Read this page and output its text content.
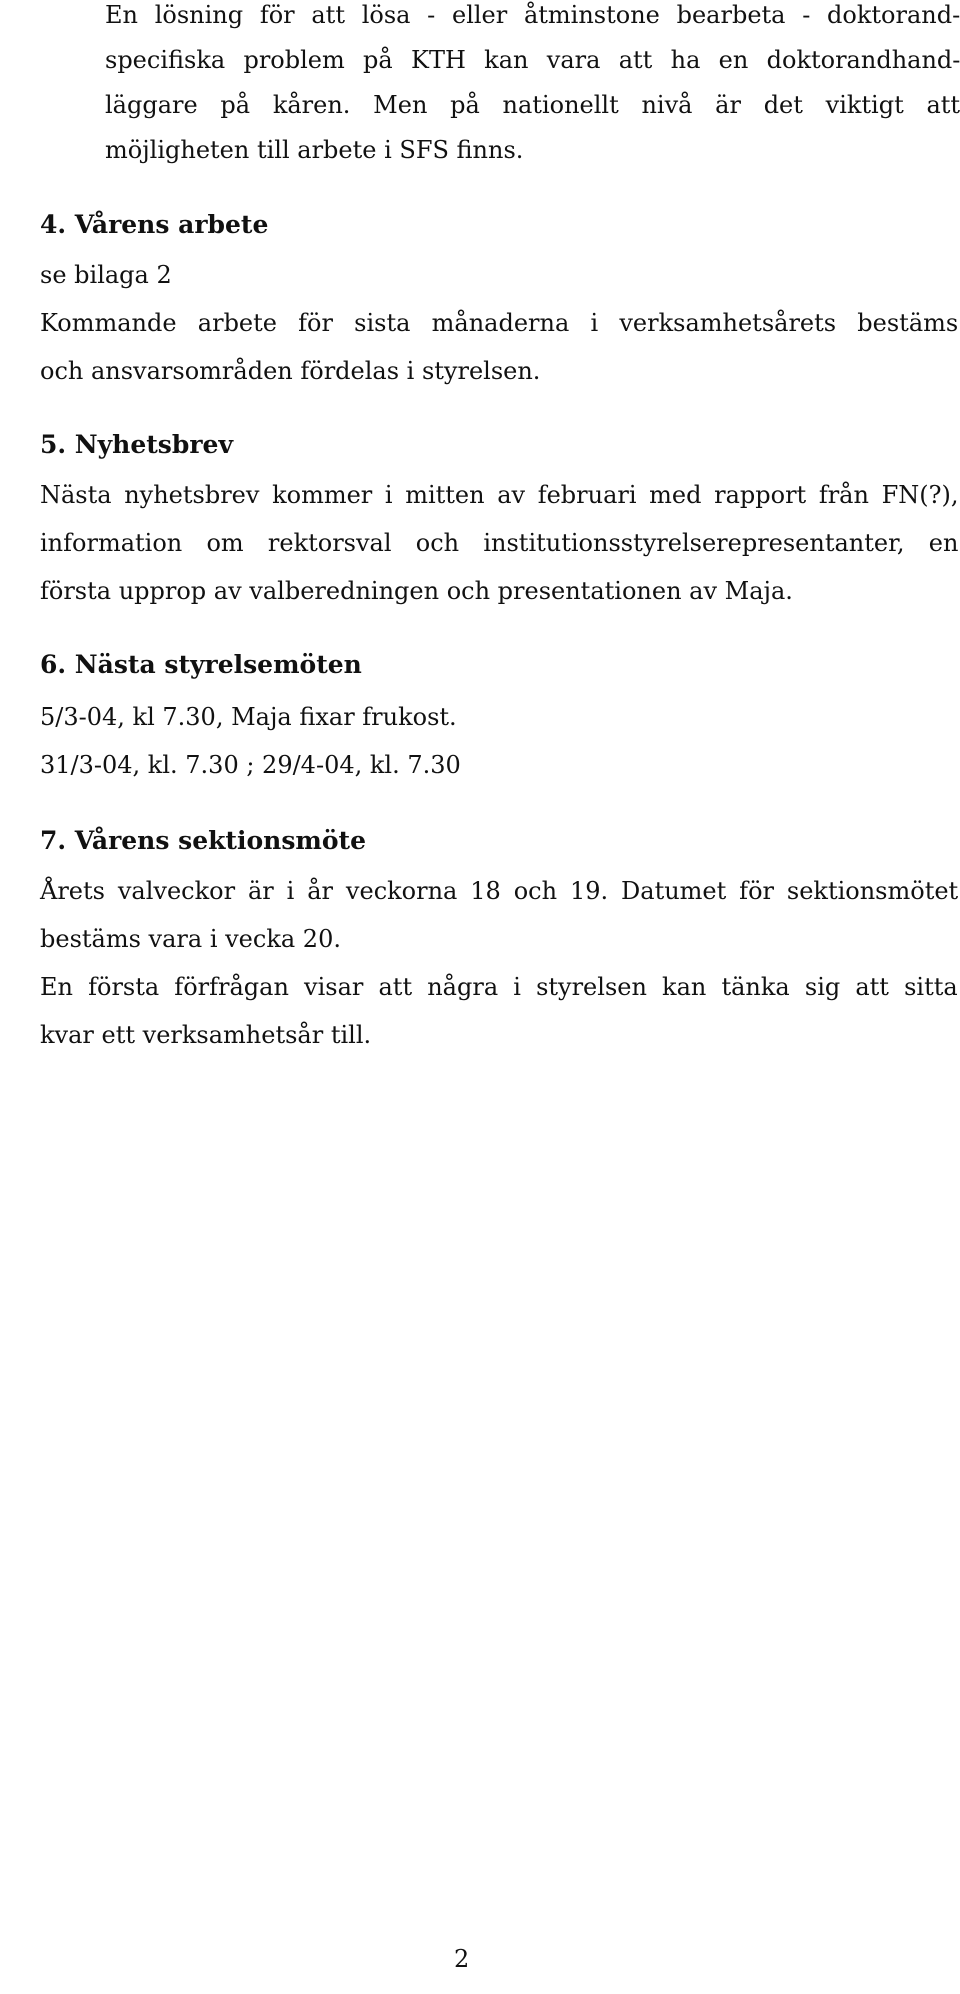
En lösning för att lösa - eller åtminstone bearbeta - doktorand-
specifiska problem på KTH kan vara att ha en doktorandhand-
läggare på kåren. Men på nationellt nivå är det viktigt att
möjligheten till arbete i SFS finns.
4. Vårens arbete
se bilaga 2
Kommande arbete för sista månaderna i verksamhetsårets bestäms
och ansvarsområden fördelas i styrelsen.
5. Nyhetsbrev
Nästa nyhetsbrev kommer i mitten av februari med rapport från FN(?),
information om rektorsval och institutionsstyrelserepresentanter, en
första upprop av valberedningen och presentationen av Maja.
6. Nästa styrelsemöten
5/3-04, kl 7.30, Maja fixar frukost.
31/3-04, kl. 7.30 ; 29/4-04, kl. 7.30
7. Vårens sektionsmöte
Årets valveckor är i år veckorna 18 och 19. Datumet för sektionsmötet
bestäms vara i vecka 20.
En första förfrågan visar att några i styrelsen kan tänka sig att sitta
kvar ett verksamhetsår till.
2
